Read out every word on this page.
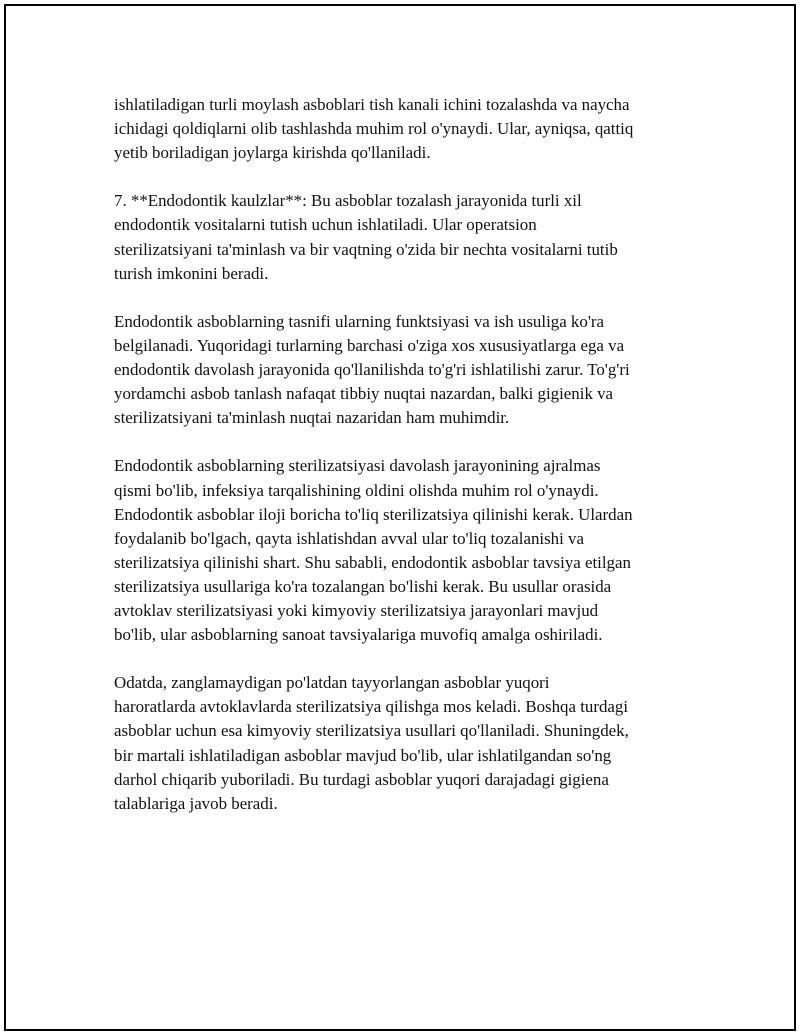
ishlatiladigan turli moylash asboblari tish kanali ichini tozalashda va naycha
ichidagi qoldiqlarni olib tashlashda muhim rol o'ynaydi. Ular, ayniqsa, qattiq
yetib boriladigan joylarga kirishda qo'llaniladi.

7. **Endodontik kaulzlar**: Bu asboblar tozalash jarayonida turli xil
endodontik vositalarni tutish uchun ishlatiladi. Ular operatsion
sterilizatsiyani ta'minlash va bir vaqtning o'zida bir nechta vositalarni tutib
turish imkonini beradi.

Endodontik asboblarning tasnifi ularning funktsiyasi va ish usuliga ko'ra
belgilanadi. Yuqoridagi turlarning barchasi o'ziga xos xususiyatlarga ega va
endodontik davolash jarayonida qo'llanilishda to'g'ri ishlatilishi zarur. To'g'ri
yordamchi asbob tanlash nafaqat tibbiy nuqtai nazardan, balki gigienik va
sterilizatsiyani ta'minlash nuqtai nazaridan ham muhimdir.

Endodontik asboblarning sterilizatsiyasi davolash jarayonining ajralmas
qismi bo'lib, infeksiya tarqalishining oldini olishda muhim rol o'ynaydi.
Endodontik asboblar iloji boricha to'liq sterilizatsiya qilinishi kerak. Ulardan
foydalanib bo'lgach, qayta ishlatishdan avval ular to'liq tozalanishi va
sterilizatsiya qilinishi shart. Shu sababli, endodontik asboblar tavsiya etilgan
sterilizatsiya usullariga ko'ra tozalangan bo'lishi kerak. Bu usullar orasida
avtoklav sterilizatsiyasi yoki kimyoviy sterilizatsiya jarayonlari mavjud
bo'lib, ular asboblarning sanoat tavsiyalariga muvofiq amalga oshiriladi.

Odatda, zanglamaydigan po'latdan tayyorlangan asboblar yuqori
haroratlarda avtoklavlarda sterilizatsiya qilishga mos keladi. Boshqa turdagi
asboblar uchun esa kimyoviy sterilizatsiya usullari qo'llaniladi. Shuningdek,
bir martali ishlatiladigan asboblar mavjud bo'lib, ular ishlatilgandan so'ng
darhol chiqarib yuboriladi. Bu turdagi asboblar yuqori darajadagi gigiena
talablariga javob beradi.
